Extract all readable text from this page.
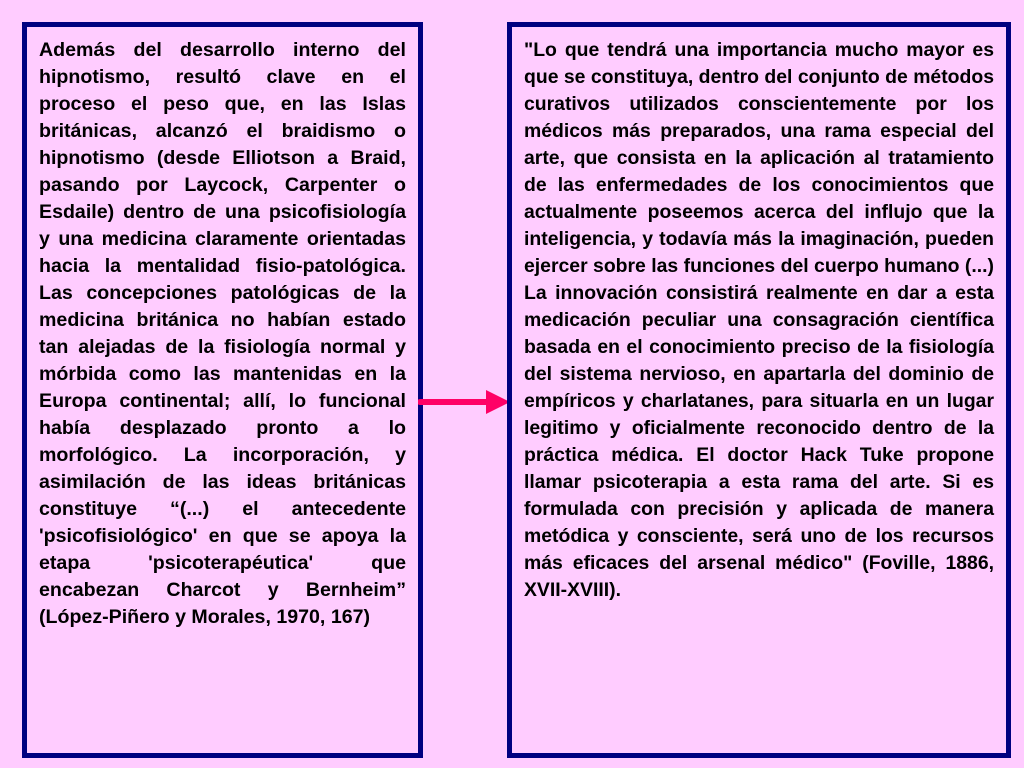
Además del desarrollo interno del hipnotismo, resultó clave en el proceso el peso que, en las Islas británicas, alcanzó el braidismo o hipnotismo (desde Elliotson a Braid, pasando por Laycock, Carpenter o Esdaile) dentro de una psicofisiología y una medicina claramente orientadas hacia la mentalidad fisio-patológica. Las concepciones patológicas de la medicina británica no habían estado tan alejadas de la fisiología normal y mórbida como las mantenidas en la Europa continental; allí, lo funcional había desplazado pronto a lo morfológico. La incorporación, y asimilación de las ideas británicas constituye “(...) el antecedente 'psicofisiológico' en que se apoya la etapa 'psicoterapéutica' que encabezan Charcot y Bernheim” (López-Piñero y Morales, 1970, 167)

"Lo que tendrá una importancia mucho mayor es que se constituya, dentro del conjunto de métodos curativos utilizados conscientemente por los médicos más preparados, una rama especial del arte, que consista en la aplicación al tratamiento de las enfermedades de los conocimientos que actualmente poseemos acerca del influjo que la inteligencia, y todavía más la imaginación, pueden ejercer sobre las funciones del cuerpo humano (...) La innovación consistirá realmente en dar a esta medicación peculiar una consagración científica basada en el conocimiento preciso de la fisiología del sistema nervioso, en apartarla del dominio de empíricos y charlatanes, para situarla en un lugar legitimo y oficialmente reconocido dentro de la práctica médica. El doctor Hack Tuke propone llamar psicoterapia a esta rama del arte. Si es formulada con precisión y aplicada de manera metódica y consciente, será uno de los recursos más eficaces del arsenal médico" (Foville, 1886, XVII-XVIII).
